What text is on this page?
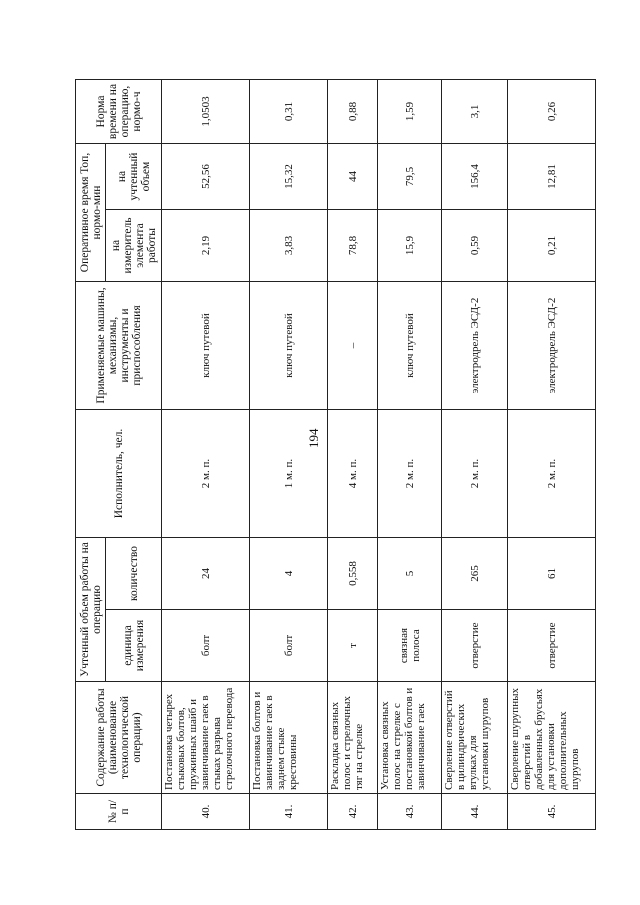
194
№ п/п	Содержание работы (наименование технологической операции)	Учтенный объем работы на операцию		Исполнитель, чел.	Применяемые машины, механизмы, инструменты и приспособления	Оперативное время Топ, нормо-мин		Норма времени на операцию, нормо-ч
		единица измерения	количество			на измеритель элемента работы	на учтенный объем	
40.	Постановка четырех стыковых болтов, пружинных шайб и завинчивание гаек в стыках разрыва стрелочного перевода	болт	24	2 м. п.	ключ путевой	2,19	52,56	1,0503
41.	Постановка болтов и завинчивание гаек в заднем стыке крестовины	болт	4	1 м. п.	ключ путевой	3,83	15,32	0,31
42.	Раскладка связных полос и стрелочных тяг на стрелке	т	0,558	4 м. п.	–	78,8	44	0,88
43.	Установка связных полос на стрелке с постановкой болтов и завинчивание гаек	связная полоса	5	2 м. п.	ключ путевой	15,9	79,5	1,59
44.	Сверление отверстий в цилиндрических втулках для установки шурупов	отверстие	265	2 м. п.	электродрель ЭСД-2	0,59	156,4	3,1
45.	Сверление шурупных отверстий в добавленных брусьях для установки дополнительных шурупов	отверстие	61	2 м. п.	электродрель ЭСД-2	0,21	12,81	0,26
